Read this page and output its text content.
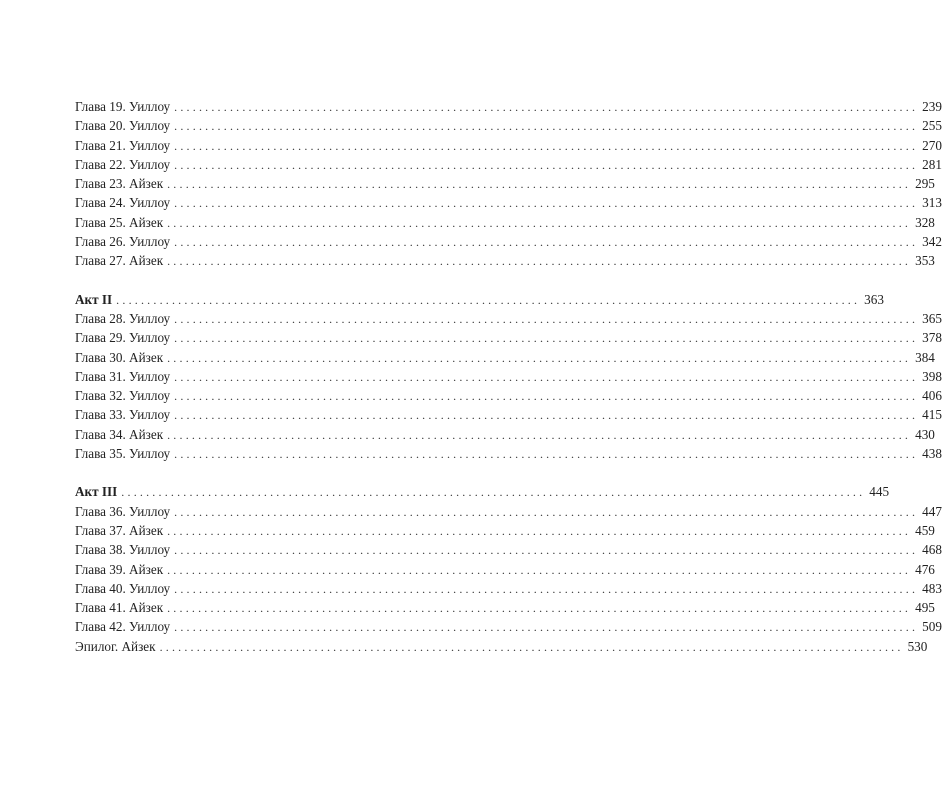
Глава 19. Уиллоу ........................................................................................................................ 239
Глава 20. Уиллоу ........................................................................................................................ 255
Глава 21. Уиллоу ........................................................................................................................ 270
Глава 22. Уиллоу ........................................................................................................................ 281
Глава 23. Айзек ........................................................................................................................ 295
Глава 24. Уиллоу ........................................................................................................................ 313
Глава 25. Айзек ........................................................................................................................ 328
Глава 26. Уиллоу ........................................................................................................................ 342
Глава 27. Айзек ........................................................................................................................ 353
Акт II ........................................................................................................................ 363
Глава 28. Уиллоу ........................................................................................................................ 365
Глава 29. Уиллоу ........................................................................................................................ 378
Глава 30. Айзек ........................................................................................................................ 384
Глава 31. Уиллоу ........................................................................................................................ 398
Глава 32. Уиллоу ........................................................................................................................ 406
Глава 33. Уиллоу ........................................................................................................................ 415
Глава 34. Айзек ........................................................................................................................ 430
Глава 35. Уиллоу ........................................................................................................................ 438
Акт III ........................................................................................................................ 445
Глава 36. Уиллоу ........................................................................................................................ 447
Глава 37. Айзек ........................................................................................................................ 459
Глава 38. Уиллоу ........................................................................................................................ 468
Глава 39. Айзек ........................................................................................................................ 476
Глава 40. Уиллоу ........................................................................................................................ 483
Глава 41. Айзек ........................................................................................................................ 495
Глава 42. Уиллоу ........................................................................................................................ 509
Эпилог. Айзек ........................................................................................................................ 530
